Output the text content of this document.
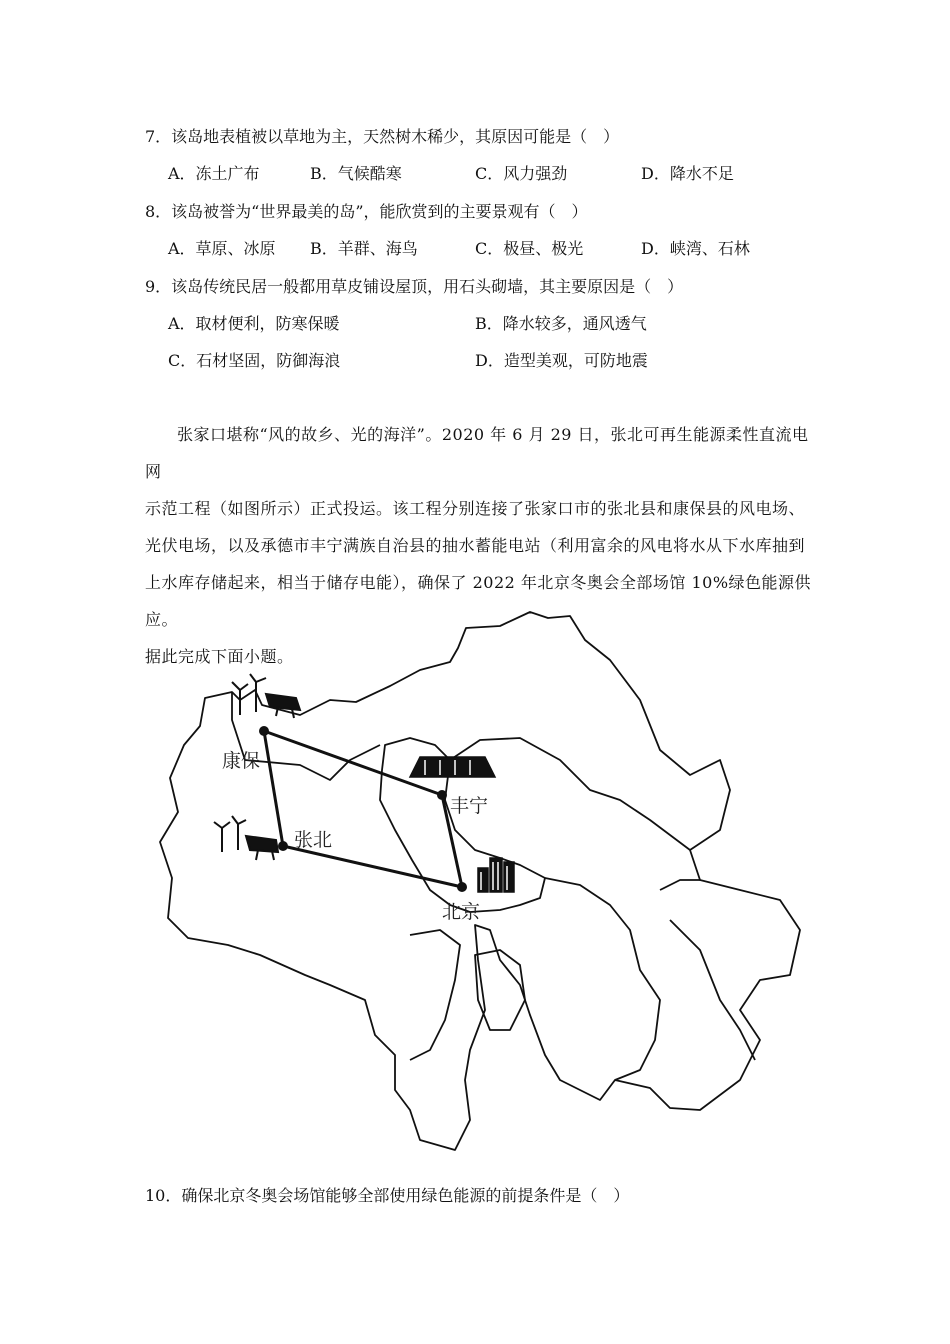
7．该岛地表植被以草地为主，天然树木稀少，其原因可能是（　）
A．冻土广布	B．气候酷寒	C．风力强劲	D．降水不足
8．该岛被誉为“世界最美的岛”，能欣赏到的主要景观有（　）
A．草原、冰原 B．羊群、海鸟	C．极昼、极光	D．峡湾、石林
9．该岛传统民居一般都用草皮铺设屋顶，用石头砌墙，其主要原因是（　）
A．取材便利，防寒保暖	B．降水较多，通风透气
C．石材坚固，防御海浪	D．造型美观，可防地震
张家口堪称“风的故乡、光的海洋”。2020 年 6 月 29 日，张北可再生能源柔性直流电网
示范工程（如图所示）正式投运。该工程分别连接了张家口市的张北县和康保县的风电场、
光伏电场，以及承德市丰宁满族自治县的抽水蓄能电站（利用富余的风电将水从下水库抽到
上水库存储起来，相当于储存电能），确保了 2022 年北京冬奥会全部场馆 10%绿色能源供应。
据此完成下面小题。
康保
丰宁
张北
北京
10．确保北京冬奥会场馆能够全部使用绿色能源的前提条件是（　）
